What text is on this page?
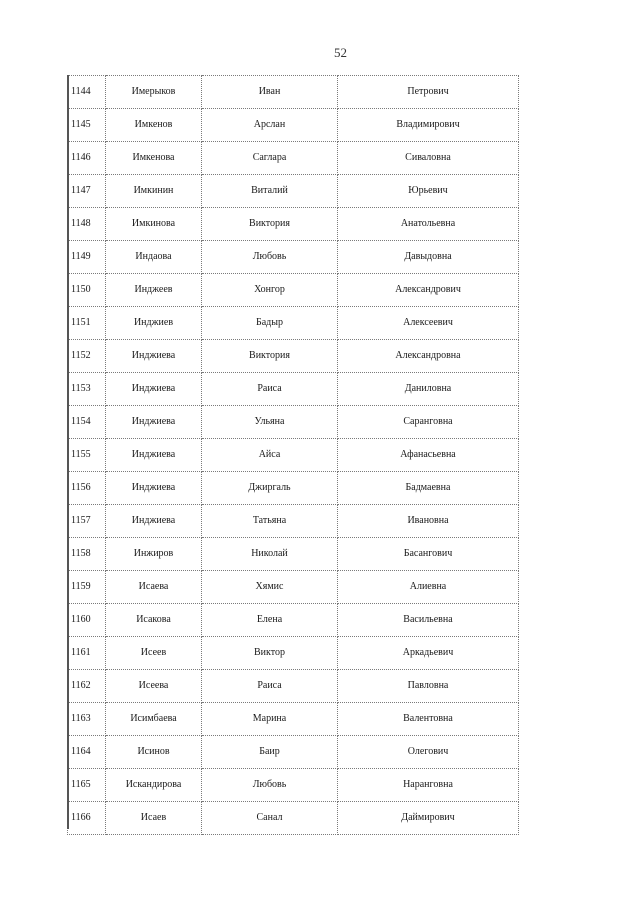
52
1144	Имерыков	Иван	Петрович
1145	Имкенов	Арслан	Владимирович
1146	Имкенова	Саглара	Сиваловна
1147	Имкинин	Виталий	Юрьевич
1148	Имкинова	Виктория	Анатольевна
1149	Индаова	Любовь	Давыдовна
1150	Инджеев	Хонгор	Александрович
1151	Инджиев	Бадыр	Алексеевич
1152	Инджиева	Виктория	Александровна
1153	Инджиева	Раиса	Даниловна
1154	Инджиева	Ульяна	Саранговна
1155	Инджиева	Айса	Афанасьевна
1156	Инджиева	Джиргаль	Бадмаевна
1157	Инджиева	Татьяна	Ивановна
1158	Инжиров	Николай	Басангович
1159	Исаева	Хямис	Алиевна
1160	Исакова	Елена	Васильевна
1161	Исеев	Виктор	Аркадьевич
1162	Исеева	Раиса	Павловна
1163	Исимбаева	Марина	Валентовна
1164	Исинов	Баир	Олегович
1165	Искандирова	Любовь	Наранговна
1166	Исаев	Санал	Даймирович
